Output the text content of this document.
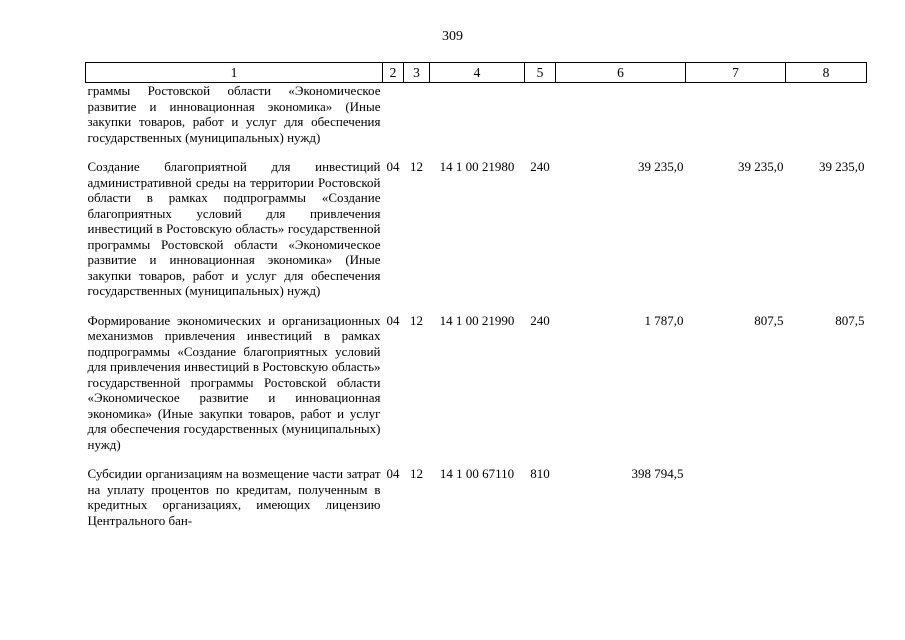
309
1	2	3	4	5	6	7	8
граммы Ростовской области «Экономическое развитие и инновационная экономика» (Иные закупки товаров, работ и услуг для обеспечения государственных (муниципальных) нужд)							

Создание благоприятной для инвестиций административной среды на территории Ростовской области в рамках подпрограммы «Создание благоприятных условий для привлечения инвестиций в Ростовскую область» государственной программы Ростовской области «Экономическое развитие и инновационная экономика» (Иные закупки товаров, работ и услуг для обеспечения государственных (муниципальных) нужд)	04	12	14 1 00 21980	240	39 235,0	39 235,0	39 235,0

Формирование экономических и организационных механизмов привлечения инвестиций в рамках подпрограммы «Создание благоприятных условий для привлечения инвестиций в Ростовскую область» государственной программы Ростовской области «Экономическое развитие и инновационная экономика» (Иные закупки товаров, работ и услуг для обеспечения государственных (муниципальных) нужд)	04	12	14 1 00 21990	240	1 787,0	807,5	807,5

Субсидии организациям на возмещение части затрат на уплату процентов по кредитам, полученным в кредитных организациях, имеющих лицензию Центрального бан-	04	12	14 1 00 67110	810	398 794,5		
